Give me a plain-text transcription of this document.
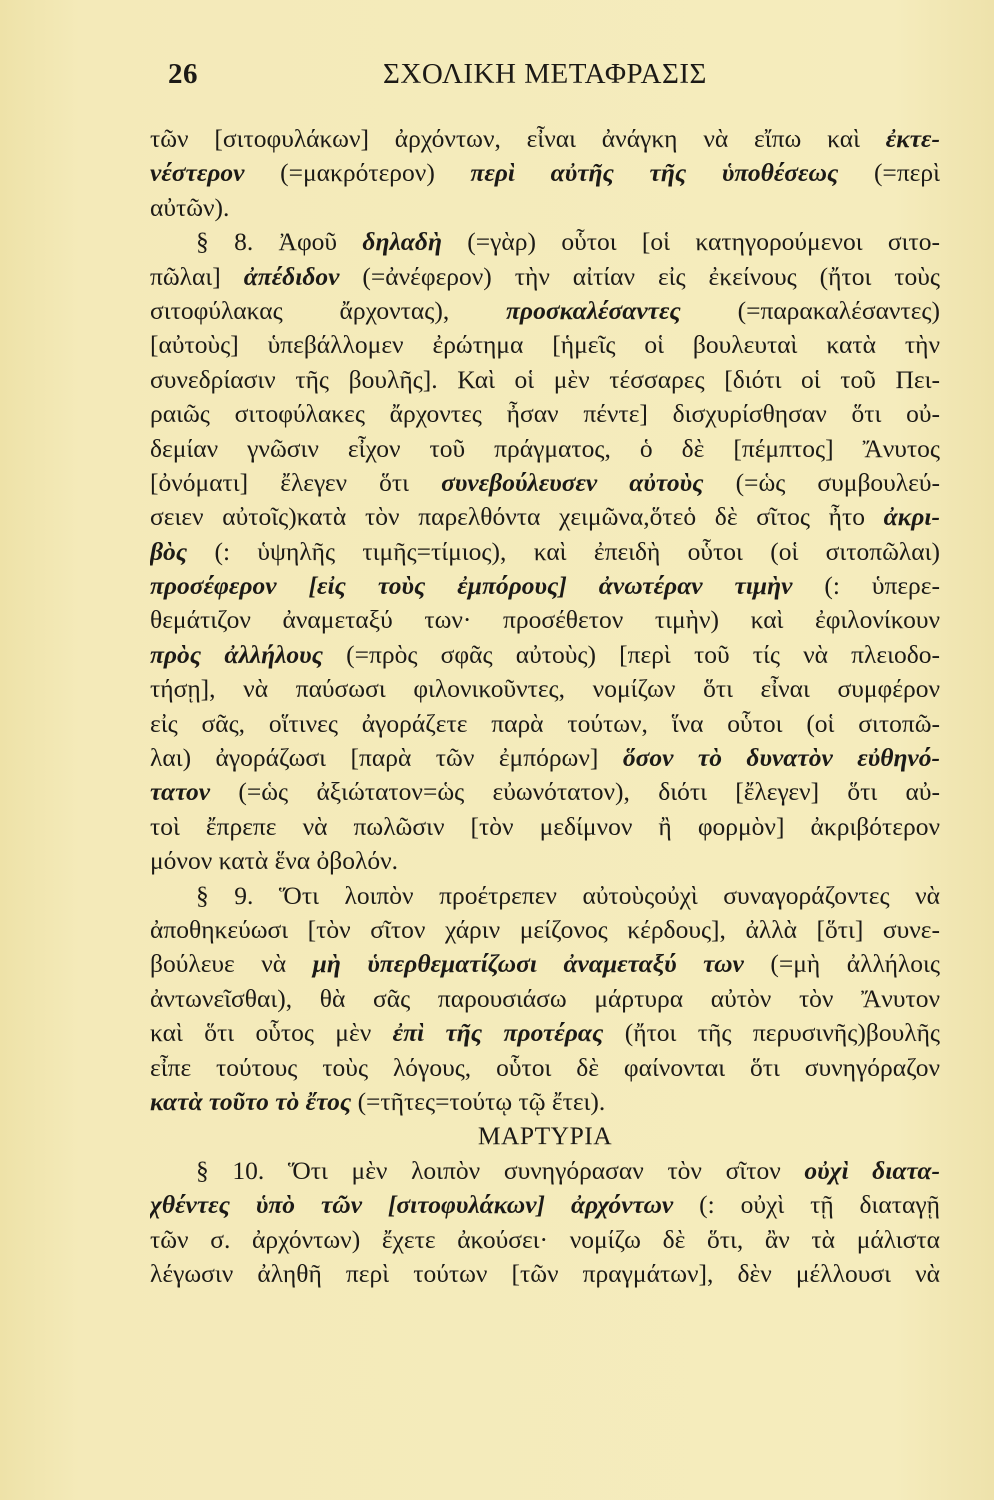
26	ΣΧΟΛΙΚΗ ΜΕΤΑΦΡΑΣΙΣ
τῶν [σιτοφυλάκων] ἀρχόντων, εἶναι ἀνάγκη νὰ εἴπω καὶ ἐκτε-
νέστερον (=μακρότερον) περὶ αὐτῆς τῆς ὑποθέσεως (=περὶ
αὐτῶν).
§ 8. Ἀφοῦ δηλαδὴ (=γὰρ) οὗτοι [οἱ κατηγορούμενοι σιτο-
πῶλαι] ἀπέδιδον (=ἀνέφερον) τὴν αἰτίαν εἰς ἐκείνους (ἤτοι τοὺς
σιτοφύλακας ἄρχοντας), προσκαλέσαντες (=παρακαλέσαντες)
[αὐτοὺς] ὑπεβάλλομεν ἐρώτημα [ἡμεῖς οἱ βουλευταὶ κατὰ τὴν
συνεδρίασιν τῆς βουλῆς]. Καὶ οἱ μὲν τέσσαρες [διότι οἱ τοῦ Πει-
ραιῶς σιτοφύλακες ἄρχοντες ἦσαν πέντε] δισχυρίσθησαν ὅτι οὐ-
δεμίαν γνῶσιν εἶχον τοῦ πράγματος, ὁ δὲ [πέμπτος] Ἄνυτος
[ὀνόματι] ἔλεγεν ὅτι συνεβούλευσεν αὐτοὺς (=ὡς συμβουλεύ-
σειεν αὐτοῖς)κατὰ τὸν παρελθόντα χειμῶνα,ὅτεὁ δὲ σῖτος ἦτο ἀκρι-
βὸς (: ὑψηλῆς τιμῆς=τίμιος), καὶ ἐπειδὴ οὗτοι (οἱ σιτοπῶλαι)
προσέφερον [εἰς τοὺς ἐμπόρους] ἀνωτέραν τιμὴν (: ὑπερε-
θεμάτιζον ἀναμεταξύ των· προσέθετον τιμὴν) καὶ ἐφιλονίκουν
πρὸς ἀλλήλους (=πρὸς σφᾶς αὐτοὺς) [περὶ τοῦ τίς νὰ πλειοδο-
τήσῃ], νὰ παύσωσι φιλονικοῦντες, νομίζων ὅτι εἶναι συμφέρον
εἰς σᾶς, οἵτινες ἀγοράζετε παρὰ τούτων, ἵνα οὗτοι (οἱ σιτοπῶ-
λαι) ἀγοράζωσι [παρὰ τῶν ἐμπόρων] ὅσον τὸ δυνατὸν εὐθηνό-
τατον (=ὡς ἀξιώτατον=ὡς εὐωνότατον), διότι [ἔλεγεν] ὅτι αὐ-
τοὶ ἔπρεπε νὰ πωλῶσιν [τὸν μεδίμνον ἢ φορμὸν] ἀκριβότερον
μόνον κατὰ ἕνα ὀβολόν.
§ 9. Ὅτι λοιπὸν προέτρεπεν αὐτοὺςοὐχὶ συναγοράζοντες νὰ
ἀποθηκεύωσι [τὸν σῖτον χάριν μείζονος κέρδους], ἀλλὰ [ὅτι] συνε-
βούλευε νὰ μὴ ὑπερθεματίζωσι ἀναμεταξύ των (=μὴ ἀλλήλοις
ἀντωνεῖσθαι), θὰ σᾶς παρουσιάσω μάρτυρα αὐτὸν τὸν Ἄνυτον
καὶ ὅτι οὗτος μὲν ἐπὶ τῆς προτέρας (ἤτοι τῆς περυσινῆς)βουλῆς
εἶπε τούτους τοὺς λόγους, οὗτοι δὲ φαίνονται ὅτι συνηγόραζον
κατὰ τοῦτο τὸ ἔτος (=τῆτες=τούτῳ τῷ ἔτει).
ΜΑΡΤΥΡΙΑ
§ 10. Ὅτι μὲν λοιπὸν συνηγόρασαν τὸν σῖτον οὐχὶ διατα-
χθέντες ὑπὸ τῶν [σιτοφυλάκων] ἀρχόντων (: οὐχὶ τῇ διαταγῇ
τῶν σ. ἀρχόντων) ἔχετε ἀκούσει· νομίζω δὲ ὅτι, ἂν τὰ μάλιστα
λέγωσιν ἀληθῆ περὶ τούτων [τῶν πραγμάτων], δὲν μέλλουσι νὰ
